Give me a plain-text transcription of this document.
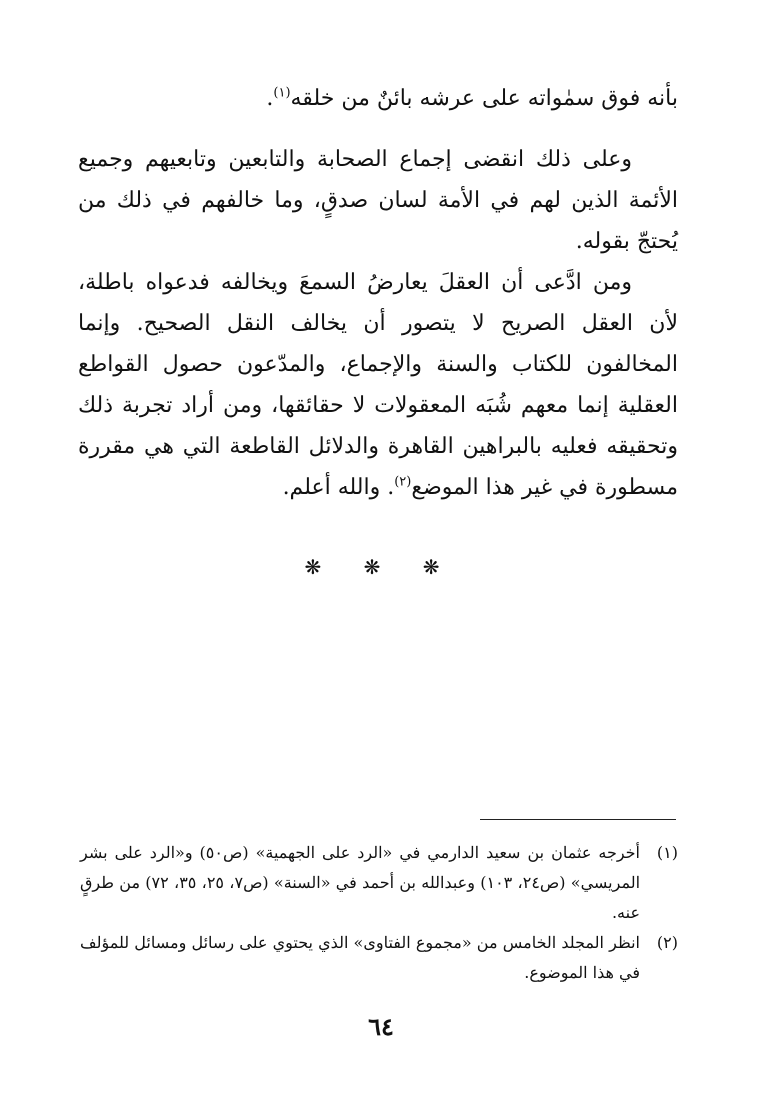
بأنه فوق سمٰواته على عرشه بائنٌ من خلقه$^{(١)}$.

وعلى ذلك انقضى إجماع الصحابة والتابعين وتابعيهم وجميع الأئمة الذين لهم في الأمة لسان صدقٍ، وما خالفهم في ذلك من يُحتجّ بقوله.

ومن ادَّعى أن العقلَ يعارضُ السمعَ ويخالفه فدعواه باطلة، لأن العقل الصريح لا يتصور أن يخالف النقل الصحيح. وإنما المخالفون للكتاب والسنة والإجماع، والمدّعون حصول القواطع العقلية إنما معهم شُبَه المعقولات لا حقائقها، ومن أراد تجربة ذلك وتحقيقه فعليه بالبراهين القاهرة والدلائل القاطعة التي هي مقررة مسطورة في غير هذا الموضع$^{(٢)}$. والله أعلم.

❋ ❋ ❋
(١)
أخرجه عثمان بن سعيد الدارمي في «الرد على الجهمية» (ص٥٠) و«الرد على بشر المريسي» (ص٢٤، ١٠٣) وعبدالله بن أحمد في «السنة» (ص٧، ٢٥، ٣٥، ٧٢) من طرقٍ عنه.
(٢)
انظر المجلد الخامس من «مجموع الفتاوى» الذي يحتوي على رسائل ومسائل للمؤلف في هذا الموضوع.
٦٤
